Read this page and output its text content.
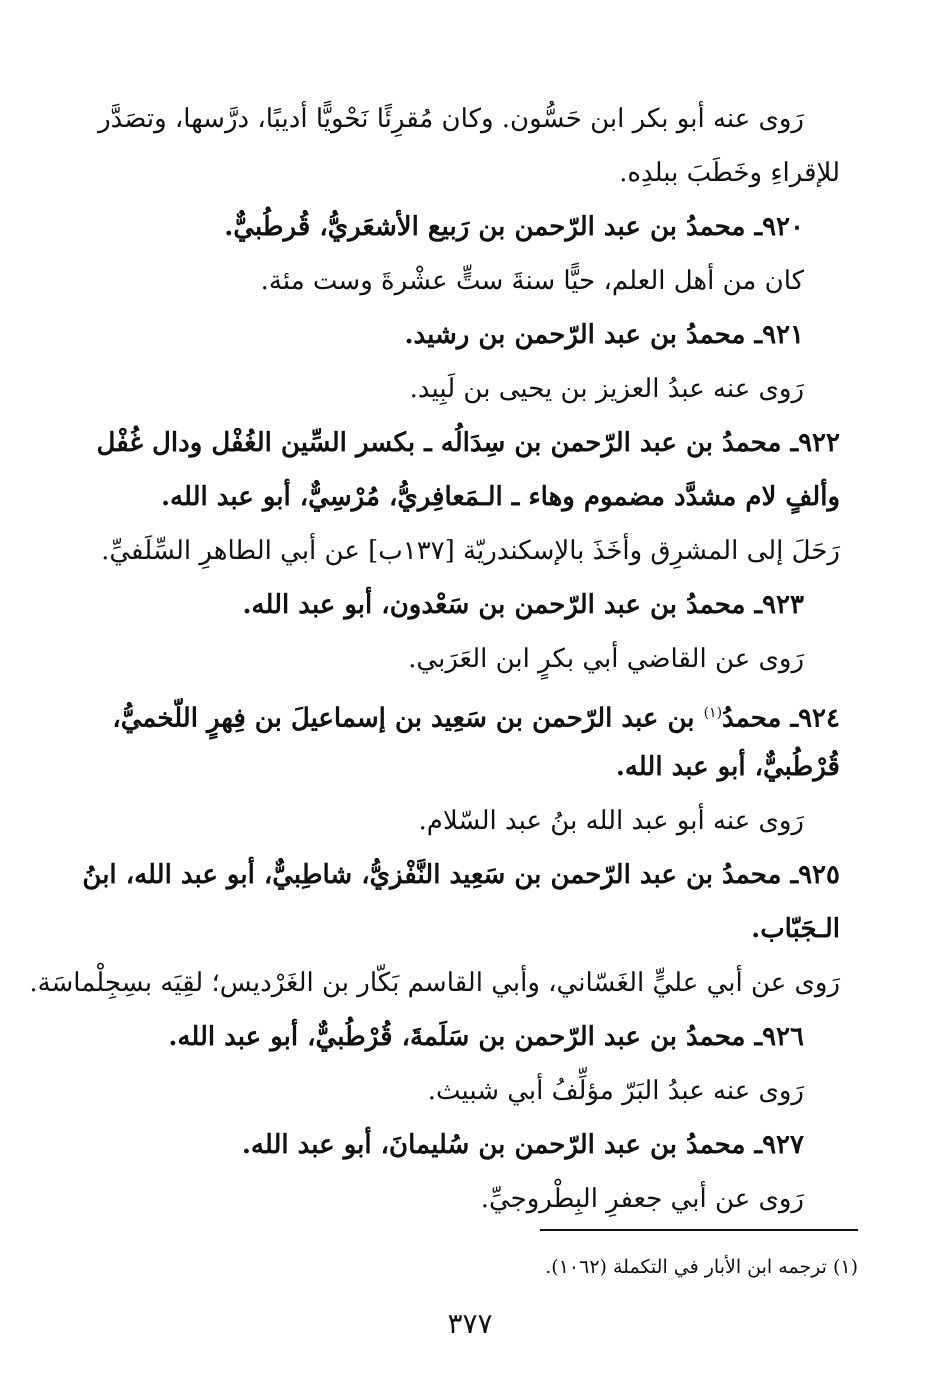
رَوى عنه أبو بكر ابن حَسُّون. وكان مُقرِئًا نَحْويًّا أديبًا، درَّسها، وتصَدَّر
للإقراءِ وخَطَبَ ببلدِه.
٩٢٠ـ محمدُ بن عبد الرّحمن بن رَبيع الأشعَريُّ، قُرطُبيٌّ.
كان من أهل العلم، حيًّا سنةَ ستٍّ عشْرةَ وست مئة.
٩٢١ـ محمدُ بن عبد الرّحمن بن رشيد.
رَوى عنه عبدُ العزيز بن يحيى بن لَبِيد.
٩٢٢ـ محمدُ بن عبد الرّحمن بن سِدَالُه ـ بكسر السِّين الغُفْل ودال غُفْل
وألفٍ لام مشدَّد مضموم وهاء ـ الـمَعافِريُّ، مُرْسِيٌّ، أبو عبد الله.
رَحَلَ إلى المشرِق وأخَذَ بالإسكندريّة [١٣٧ب] عن أبي الطاهرِ السِّلَفيِّ.
٩٢٣ـ محمدُ بن عبد الرّحمن بن سَعْدون، أبو عبد الله.
رَوى عن القاضي أبي بكرٍ ابن العَرَبي.
٩٢٤ـ محمدُ$^{(١)}$ بن عبد الرّحمن بن سَعِيد بن إسماعيلَ بن فِهرٍ اللّخميُّ،
قُرْطُبيٌّ، أبو عبد الله.
رَوى عنه أبو عبد الله بنُ عبد السّلام.
٩٢٥ـ محمدُ بن عبد الرّحمن بن سَعِيد النَّفْزيُّ، شاطِبيٌّ، أبو عبد الله، ابنُ
الـجَبّاب.
رَوى عن أبي عليٍّ الغَسّاني، وأبي القاسم بَكّار بن الغَرْديس؛ لقِيَه بسِجِلْماسَة.
٩٢٦ـ محمدُ بن عبد الرّحمن بن سَلَمةَ، قُرْطُبيٌّ، أبو عبد الله.
رَوى عنه عبدُ البَرّ مؤلِّفُ أبي شبيث.
٩٢٧ـ محمدُ بن عبد الرّحمن بن سُليمانَ، أبو عبد الله.
رَوى عن أبي جعفرِ البِطْروجيِّ.
(١) ترجمه ابن الأبار في التكملة (١٠٦٢).
٣٧٧
